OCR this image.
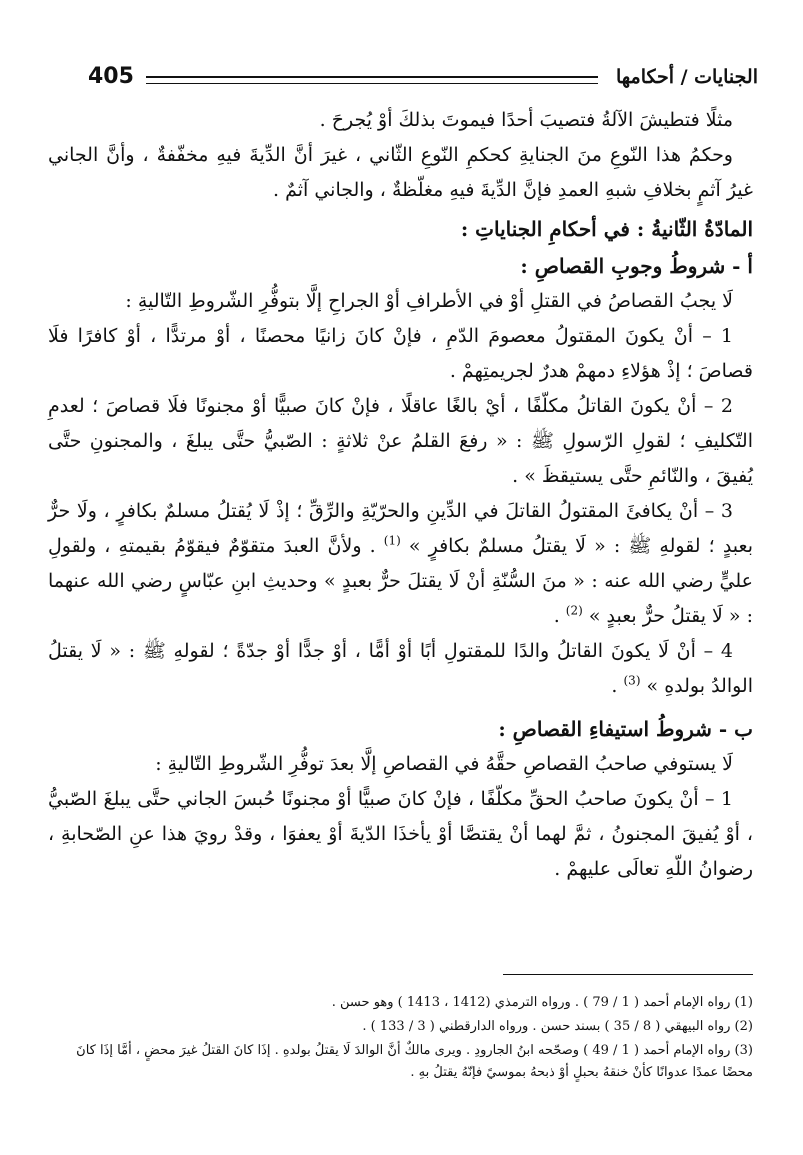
الجنايات / أحكامها
405

مثلًا فتطيشَ الآلةُ فتصيبَ أحدًا فيموتَ بذلكَ أوْ يُجرحَ .

وحكمُ هذا النّوعِ منَ الجنايةِ كحكمِ النّوعِ الثّاني ، غيرَ أنَّ الدِّيةَ فيهِ مخفّفةٌ ، وأنَّ الجاني غيرُ آثمٍ بخلافِ شبهِ العمدِ فإنَّ الدِّيةَ فيهِ مغلّظةٌ ، والجاني آثمٌ .

المادّةُ الثّانيةُ : في أحكامِ الجناياتِ :

أ - شروطُ وجوبِ القصاصِ :

لَا يجبُ القصاصُ في القتلِ أوْ في الأطرافِ أوْ الجراحِ إلَّا بتوفُّرِ الشّروطِ التّاليةِ :

1 – أنْ يكونَ المقتولُ معصومَ الدّمِ ، فإنْ كانَ زانيًا محصنًا ، أوْ مرتدًّا ، أوْ كافرًا فلَا قصاصَ ؛ إذْ هؤلاءِ دمهمْ هدرٌ لجريمتِهمْ .

2 – أنْ يكونَ القاتلُ مكلّفًا ، أيْ بالغًا عاقلًا ، فإنْ كانَ صبيًّا أوْ مجنونًا فلَا قصاصَ ؛ لعدمِ التّكليفِ ؛ لقولِ الرّسولِ ﷺ : « رفعَ القلمُ عنْ ثلاثةٍ : الصّبيُّ حتَّى يبلغَ ، والمجنونِ حتَّى يُفيقَ ، والنّائمِ حتَّى يستيقظَ » .

3 – أنْ يكافئَ المقتولُ القاتلَ في الدِّينِ والحرّيّةِ والرِّقِّ ؛ إذْ لَا يُقتلُ مسلمٌ بكافرٍ ، ولَا حرٌّ بعبدٍ ؛ لقولهِ ﷺ : « لَا يقتلُ مسلمٌ بكافرٍ » $^{(1)}$ . ولأنَّ العبدَ متقوّمٌ فيقوّمُ بقيمتهِ ، ولقولِ عليٍّ رضي الله عنه : « منَ السُّنّةِ أنْ لَا يقتلَ حرٌّ بعبدٍ » وحديثِ ابنِ عبّاسٍ رضي الله عنهما : « لَا يقتلُ حرٌّ بعبدٍ » $^{(2)}$ .

4 – أنْ لَا يكونَ القاتلُ والدًا للمقتولِ أبًا أوْ أمًّا ، أوْ جدًّا أوْ جدّةً ؛ لقولهِ ﷺ : « لَا يقتلُ الوالدُ بولدهِ » $^{(3)}$ .

ب - شروطُ استيفاءِ القصاصِ :

لَا يستوفي صاحبُ القصاصِ حقَّهُ في القصاصِ إلَّا بعدَ توفُّرِ الشّروطِ التّاليةِ :

1 – أنْ يكونَ صاحبُ الحقِّ مكلّفًا ، فإنْ كانَ صبيًّا أوْ مجنونًا حُبسَ الجاني حتَّى يبلغَ الصّبيُّ ، أوْ يُفيقَ المجنونُ ، ثمَّ لهما أنْ يقتصَّا أوْ يأخذَا الدّيةَ أوْ يعفوَا ، وقدْ رويَ هذا عنِ الصّحابةِ ، رضوانُ اللّهِ تعالَى عليهمْ .

(1) رواه الإمام أحمد ( 1 / 79 ) . ورواه الترمذي (1412 ، 1413 ) وهو حسن .

(2) رواه البيهقي ( 8 / 35 ) بسند حسن . ورواه الدارقطني ( 3 / 133 ) .

(3) رواه الإمام أحمد ( 1 / 49 ) وصحّحه ابنُ الجارودِ . ويرى مالكٌ أنَّ الوالدَ لَا يقتلُ بولدهِ . إذَا كانَ القتلُ غيرَ محضٍ ، أمَّا إذَا كانَ محضًا عمدًا عدوانًا كأنْ خنقهُ بحبلٍ أوْ ذبحهُ بموسيً فإنّهُ يقتلُ بهِ .
